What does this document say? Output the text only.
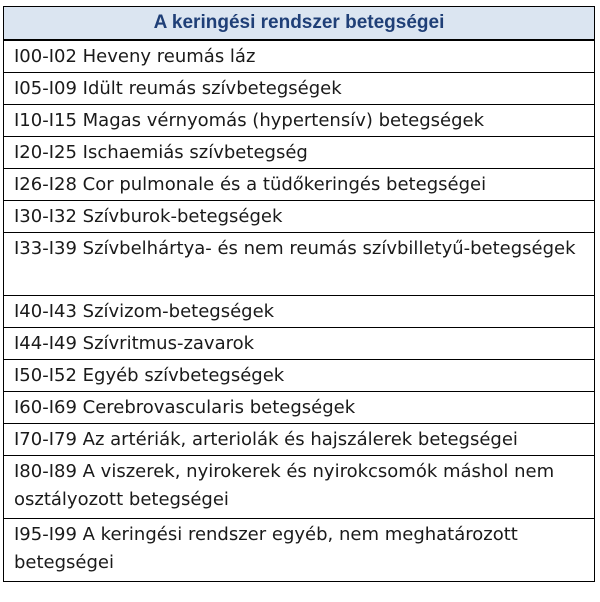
A keringési rendszer betegségei
I00-I02 Heveny reumás láz
I05-I09 Idült reumás szívbetegségek
I10-I15 Magas vérnyomás (hypertensív) betegségek
I20-I25 Ischaemiás szívbetegség
I26-I28 Cor pulmonale és a tüdőkeringés betegségei
I30-I32 Szívburok-betegségek
I33-I39 Szívbelhártya- és nem reumás szívbilletyű-betegségek
I40-I43 Szívizom-betegségek
I44-I49 Szívritmus-zavarok
I50-I52 Egyéb szívbetegségek
I60-I69 Cerebrovascularis betegségek
I70-I79 Az artériák, arteriolák és hajszálerek betegségei
I80-I89 A viszerek, nyirokerek és nyirokcsomók máshol nem osztályozott betegségei
I95-I99 A keringési rendszer egyéb, nem meghatározott betegségei
